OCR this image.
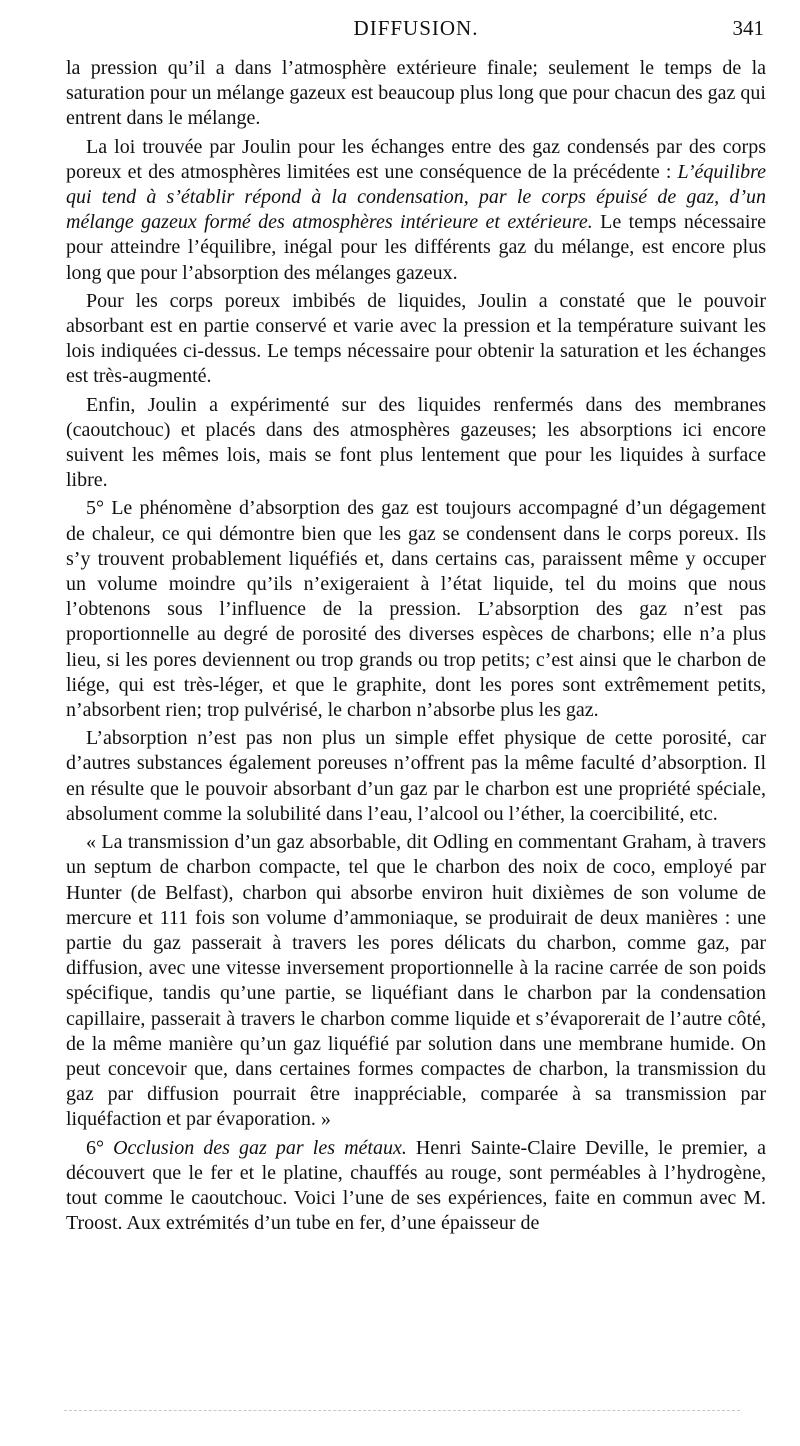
DIFFUSION.	341

la pression qu’il a dans l’atmosphère extérieure finale; seulement le temps de la saturation pour un mélange gazeux est beaucoup plus long que pour chacun des gaz qui entrent dans le mélange.

La loi trouvée par Joulin pour les échanges entre des gaz condensés par des corps poreux et des atmosphères limitées est une conséquence de la précédente : L’équilibre qui tend à s’établir répond à la condensation, par le corps épuisé de gaz, d’un mélange gazeux formé des atmosphères intérieure et extérieure. Le temps nécessaire pour atteindre l’équilibre, inégal pour les différents gaz du mélange, est encore plus long que pour l’absorption des mélanges gazeux.

Pour les corps poreux imbibés de liquides, Joulin a constaté que le pouvoir absorbant est en partie conservé et varie avec la pression et la température suivant les lois indiquées ci-dessus. Le temps nécessaire pour obtenir la saturation et les échanges est très-augmenté.

Enfin, Joulin a expérimenté sur des liquides renfermés dans des membranes (caoutchouc) et placés dans des atmosphères gazeuses; les absorptions ici encore suivent les mêmes lois, mais se font plus lentement que pour les liquides à surface libre.

5° Le phénomène d’absorption des gaz est toujours accompagné d’un dégagement de chaleur, ce qui démontre bien que les gaz se condensent dans le corps poreux. Ils s’y trouvent probablement liquéfiés et, dans certains cas, paraissent même y occuper un volume moindre qu’ils n’exigeraient à l’état liquide, tel du moins que nous l’obtenons sous l’influence de la pression. L’absorption des gaz n’est pas proportionnelle au degré de porosité des diverses espèces de charbons; elle n’a plus lieu, si les pores deviennent ou trop grands ou trop petits; c’est ainsi que le charbon de liége, qui est très-léger, et que le graphite, dont les pores sont extrêmement petits, n’absorbent rien; trop pulvérisé, le charbon n’absorbe plus les gaz.

L’absorption n’est pas non plus un simple effet physique de cette porosité, car d’autres substances également poreuses n’offrent pas la même faculté d’absorption. Il en résulte que le pouvoir absorbant d’un gaz par le charbon est une propriété spéciale, absolument comme la solubilité dans l’eau, l’alcool ou l’éther, la coercibilité, etc.

« La transmission d’un gaz absorbable, dit Odling en commentant Graham, à travers un septum de charbon compacte, tel que le charbon des noix de coco, employé par Hunter (de Belfast), charbon qui absorbe environ huit dixièmes de son volume de mercure et 111 fois son volume d’ammoniaque, se produirait de deux manières : une partie du gaz passerait à travers les pores délicats du charbon, comme gaz, par diffusion, avec une vitesse inversement proportionnelle à la racine carrée de son poids spécifique, tandis qu’une partie, se liquéfiant dans le charbon par la condensation capillaire, passerait à travers le charbon comme liquide et s’évaporerait de l’autre côté, de la même manière qu’un gaz liquéfié par solution dans une membrane humide. On peut concevoir que, dans certaines formes compactes de charbon, la transmission du gaz par diffusion pourrait être inappréciable, comparée à sa transmission par liquéfaction et par évaporation. »

6° Occlusion des gaz par les métaux. Henri Sainte-Claire Deville, le premier, a découvert que le fer et le platine, chauffés au rouge, sont perméables à l’hydrogène, tout comme le caoutchouc. Voici l’une de ses expériences, faite en commun avec M. Troost. Aux extrémités d’un tube en fer, d’une épaisseur de
